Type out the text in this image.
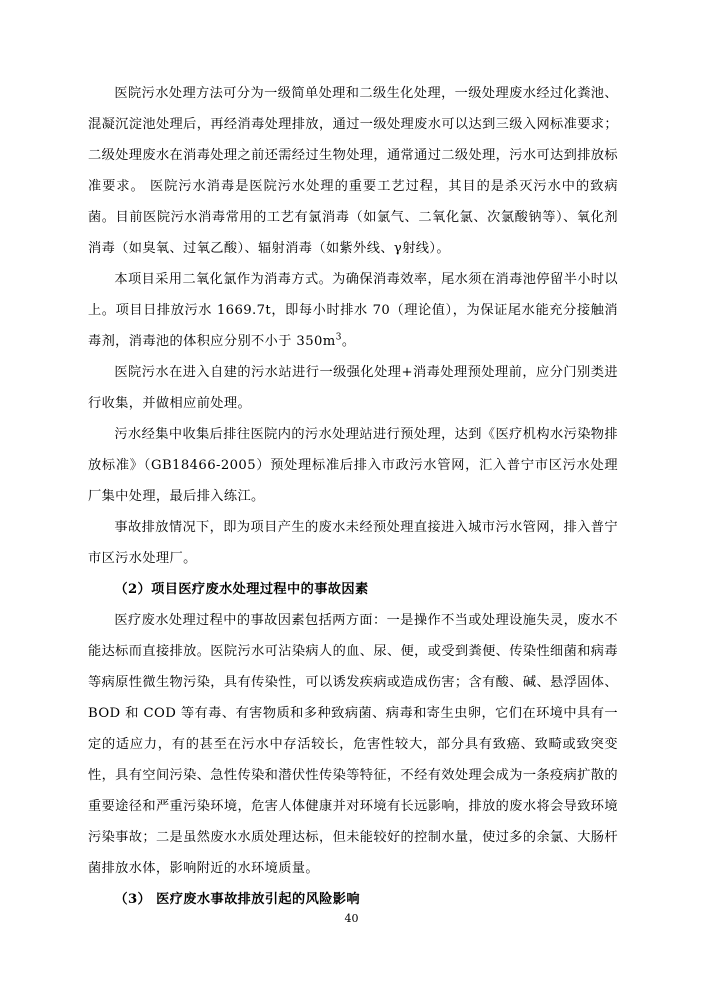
医院污水处理方法可分为一级简单处理和二级生化处理，一级处理废水经过化粪池、混凝沉淀池处理后，再经消毒处理排放，通过一级处理废水可以达到三级入网标准要求；二级处理废水在消毒处理之前还需经过生物处理，通常通过二级处理，污水可达到排放标准要求。 医院污水消毒是医院污水处理的重要工艺过程，其目的是杀灭污水中的致病菌。目前医院污水消毒常用的工艺有氯消毒（如氯气、二氧化氯、次氯酸钠等）、氧化剂消毒（如臭氧、过氧乙酸）、辐射消毒（如紫外线、γ射线）。

本项目采用二氧化氯作为消毒方式。为确保消毒效率，尾水须在消毒池停留半小时以上。项目日排放污水 1669.7t，即每小时排水 70（理论值），为保证尾水能充分接触消毒剂，消毒池的体积应分别不小于 $350m^3$。

医院污水在进入自建的污水站进行一级强化处理+消毒处理预处理前，应分门别类进行收集，并做相应前处理。

污水经集中收集后排往医院内的污水处理站进行预处理，达到《医疗机构水污染物排放标准》（GB18466-2005）预处理标准后排入市政污水管网，汇入普宁市区污水处理厂集中处理，最后排入练江。

事故排放情况下，即为项目产生的废水未经预处理直接进入城市污水管网，排入普宁市区污水处理厂。

（2）项目医疗废水处理过程中的事故因素

医疗废水处理过程中的事故因素包括两方面：一是操作不当或处理设施失灵，废水不能达标而直接排放。医院污水可沾染病人的血、尿、便，或受到粪便、传染性细菌和病毒等病原性微生物污染，具有传染性，可以诱发疾病或造成伤害；含有酸、碱、悬浮固体、BOD 和 COD 等有毒、有害物质和多种致病菌、病毒和寄生虫卵，它们在环境中具有一定的适应力，有的甚至在污水中存活较长，危害性较大，部分具有致癌、致畸或致突变性，具有空间污染、急性传染和潜伏性传染等特征，不经有效处理会成为一条疫病扩散的重要途径和严重污染环境，危害人体健康并对环境有长远影响，排放的废水将会导致环境污染事故；二是虽然废水水质处理达标，但未能较好的控制水量，使过多的余氯、大肠杆菌排放水体，影响附近的水环境质量。

（3） 医疗废水事故排放引起的风险影响

40
